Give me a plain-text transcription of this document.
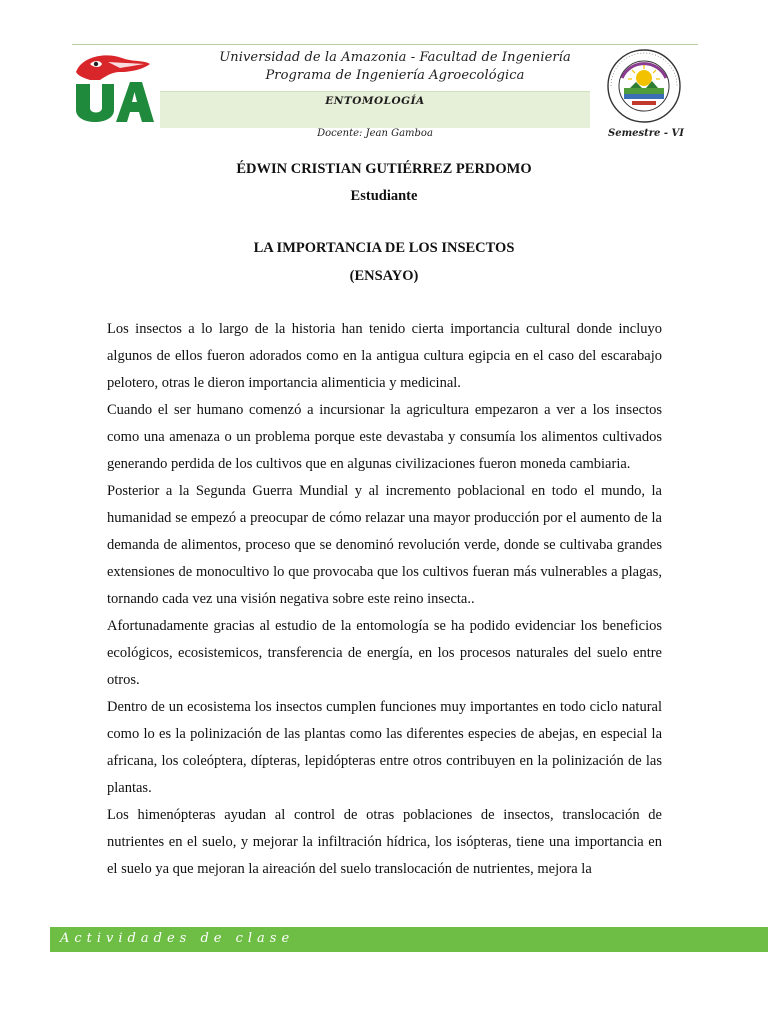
Universidad de la Amazonia - Facultad de Ingeniería
Programa de Ingeniería Agroecológica
ENTOMOLOGÍA
Docente: Jean Gamboa	Semestre - VI
ÉDWIN CRISTIAN GUTIÉRREZ PERDOMO
Estudiante
LA IMPORTANCIA DE LOS INSECTOS
(ENSAYO)

Los insectos a lo largo de la historia han tenido cierta importancia cultural donde incluyo algunos de ellos fueron adorados como en la antigua cultura egipcia en el caso del escarabajo pelotero, otras le dieron importancia alimenticia y medicinal.

Cuando el ser humano comenzó a incursionar la agricultura empezaron a ver a los insectos como una amenaza o un problema porque este devastaba y consumía los alimentos cultivados generando perdida de los cultivos que en algunas civilizaciones fueron moneda cambiaria.

Posterior a la Segunda Guerra Mundial y al incremento poblacional en todo el mundo, la humanidad se empezó a preocupar de cómo relazar una mayor producción por el aumento de la demanda de alimentos, proceso que se denominó revolución verde, donde se cultivaba grandes extensiones de monocultivo lo que provocaba que los cultivos fueran más vulnerables a plagas, tornando cada vez una visión negativa sobre este reino insecta..

Afortunadamente gracias al estudio de la entomología se ha podido evidenciar los beneficios ecológicos, ecosistemicos, transferencia de energía, en los procesos naturales del suelo entre otros.

Dentro de un ecosistema los insectos cumplen funciones muy importantes en todo ciclo natural como lo es la polinización de las plantas como las diferentes especies de abejas, en especial la africana, los coleóptera, dípteras, lepidópteras entre otros contribuyen en la polinización de las plantas.

Los himenópteras ayudan al control de otras poblaciones de insectos, translocación de nutrientes en el suelo, y mejorar la infiltración hídrica, los isópteras, tiene una importancia en el suelo ya que mejoran la aireación del suelo translocación de nutrientes, mejora la

Actividades de clase
